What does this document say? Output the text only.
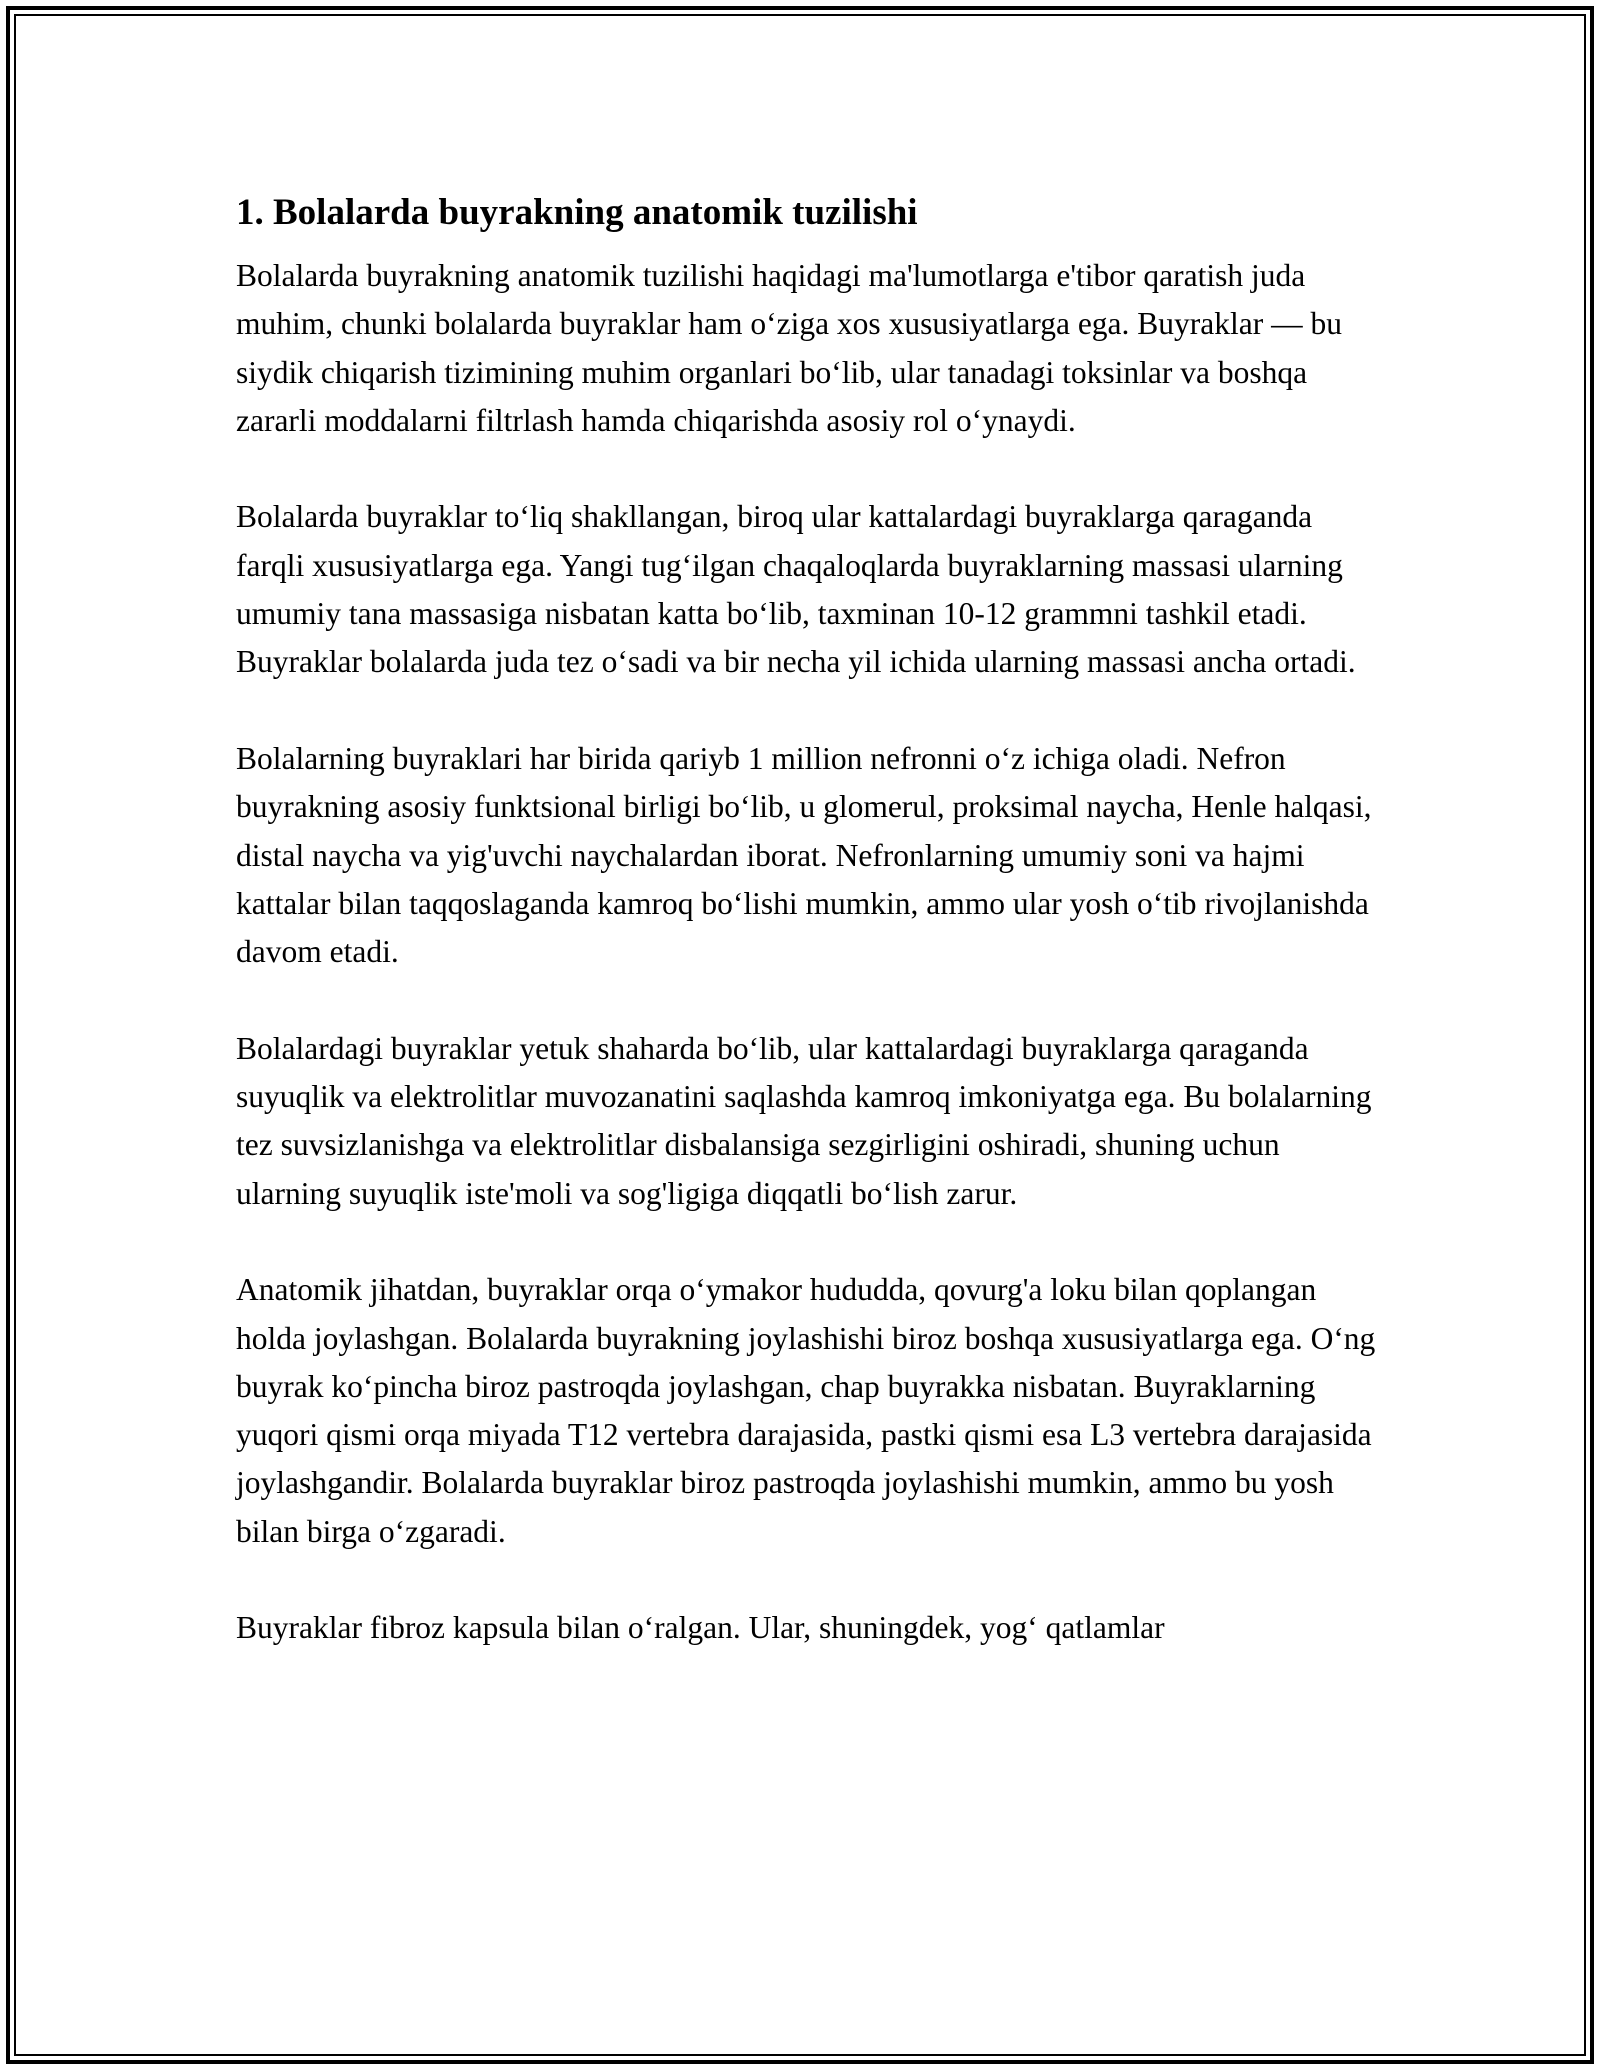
1. Bolalarda buyrakning anatomik tuzilishi

Bolalarda buyrakning anatomik tuzilishi haqidagi ma'lumotlarga e'tibor qaratish juda muhim, chunki bolalarda buyraklar ham o‘ziga xos xususiyatlarga ega. Buyraklar — bu siydik chiqarish tizimining muhim organlari bo‘lib, ular tanadagi toksinlar va boshqa zararli moddalarni filtrlash hamda chiqarishda asosiy rol o‘ynaydi.

Bolalarda buyraklar to‘liq shakllangan, biroq ular kattalardagi buyraklarga qaraganda farqli xususiyatlarga ega. Yangi tug‘ilgan chaqaloqlarda buyraklarning massasi ularning umumiy tana massasiga nisbatan katta bo‘lib, taxminan 10-12 grammni tashkil etadi. Buyraklar bolalarda juda tez o‘sadi va bir necha yil ichida ularning massasi ancha ortadi.

Bolalarning buyraklari har birida qariyb 1 million nefronni o‘z ichiga oladi. Nefron buyrakning asosiy funktsional birligi bo‘lib, u glomerul, proksimal naycha, Henle halqasi, distal naycha va yig'uvchi naychalardan iborat. Nefronlarning umumiy soni va hajmi kattalar bilan taqqoslaganda kamroq bo‘lishi mumkin, ammo ular yosh o‘tib rivojlanishda davom etadi.

Bolalardagi buyraklar yetuk shaharda bo‘lib, ular kattalardagi buyraklarga qaraganda suyuqlik va elektrolitlar muvozanatini saqlashda kamroq imkoniyatga ega. Bu bolalarning tez suvsizlanishga va elektrolitlar disbalansiga sezgirligini oshiradi, shuning uchun ularning suyuqlik iste'moli va sog'ligiga diqqatli bo‘lish zarur.

Anatomik jihatdan, buyraklar orqa o‘ymakor hududda, qovurg'a loku bilan qoplangan holda joylashgan. Bolalarda buyrakning joylashishi biroz boshqa xususiyatlarga ega. O‘ng buyrak ko‘pincha biroz pastroqda joylashgan, chap buyrakka nisbatan. Buyraklarning yuqori qismi orqa miyada T12 vertebra darajasida, pastki qismi esa L3 vertebra darajasida joylashgandir. Bolalarda buyraklar biroz pastroqda joylashishi mumkin, ammo bu yosh bilan birga o‘zgaradi.

Buyraklar fibroz kapsula bilan o‘ralgan. Ular, shuningdek, yog‘ qatlamlar
